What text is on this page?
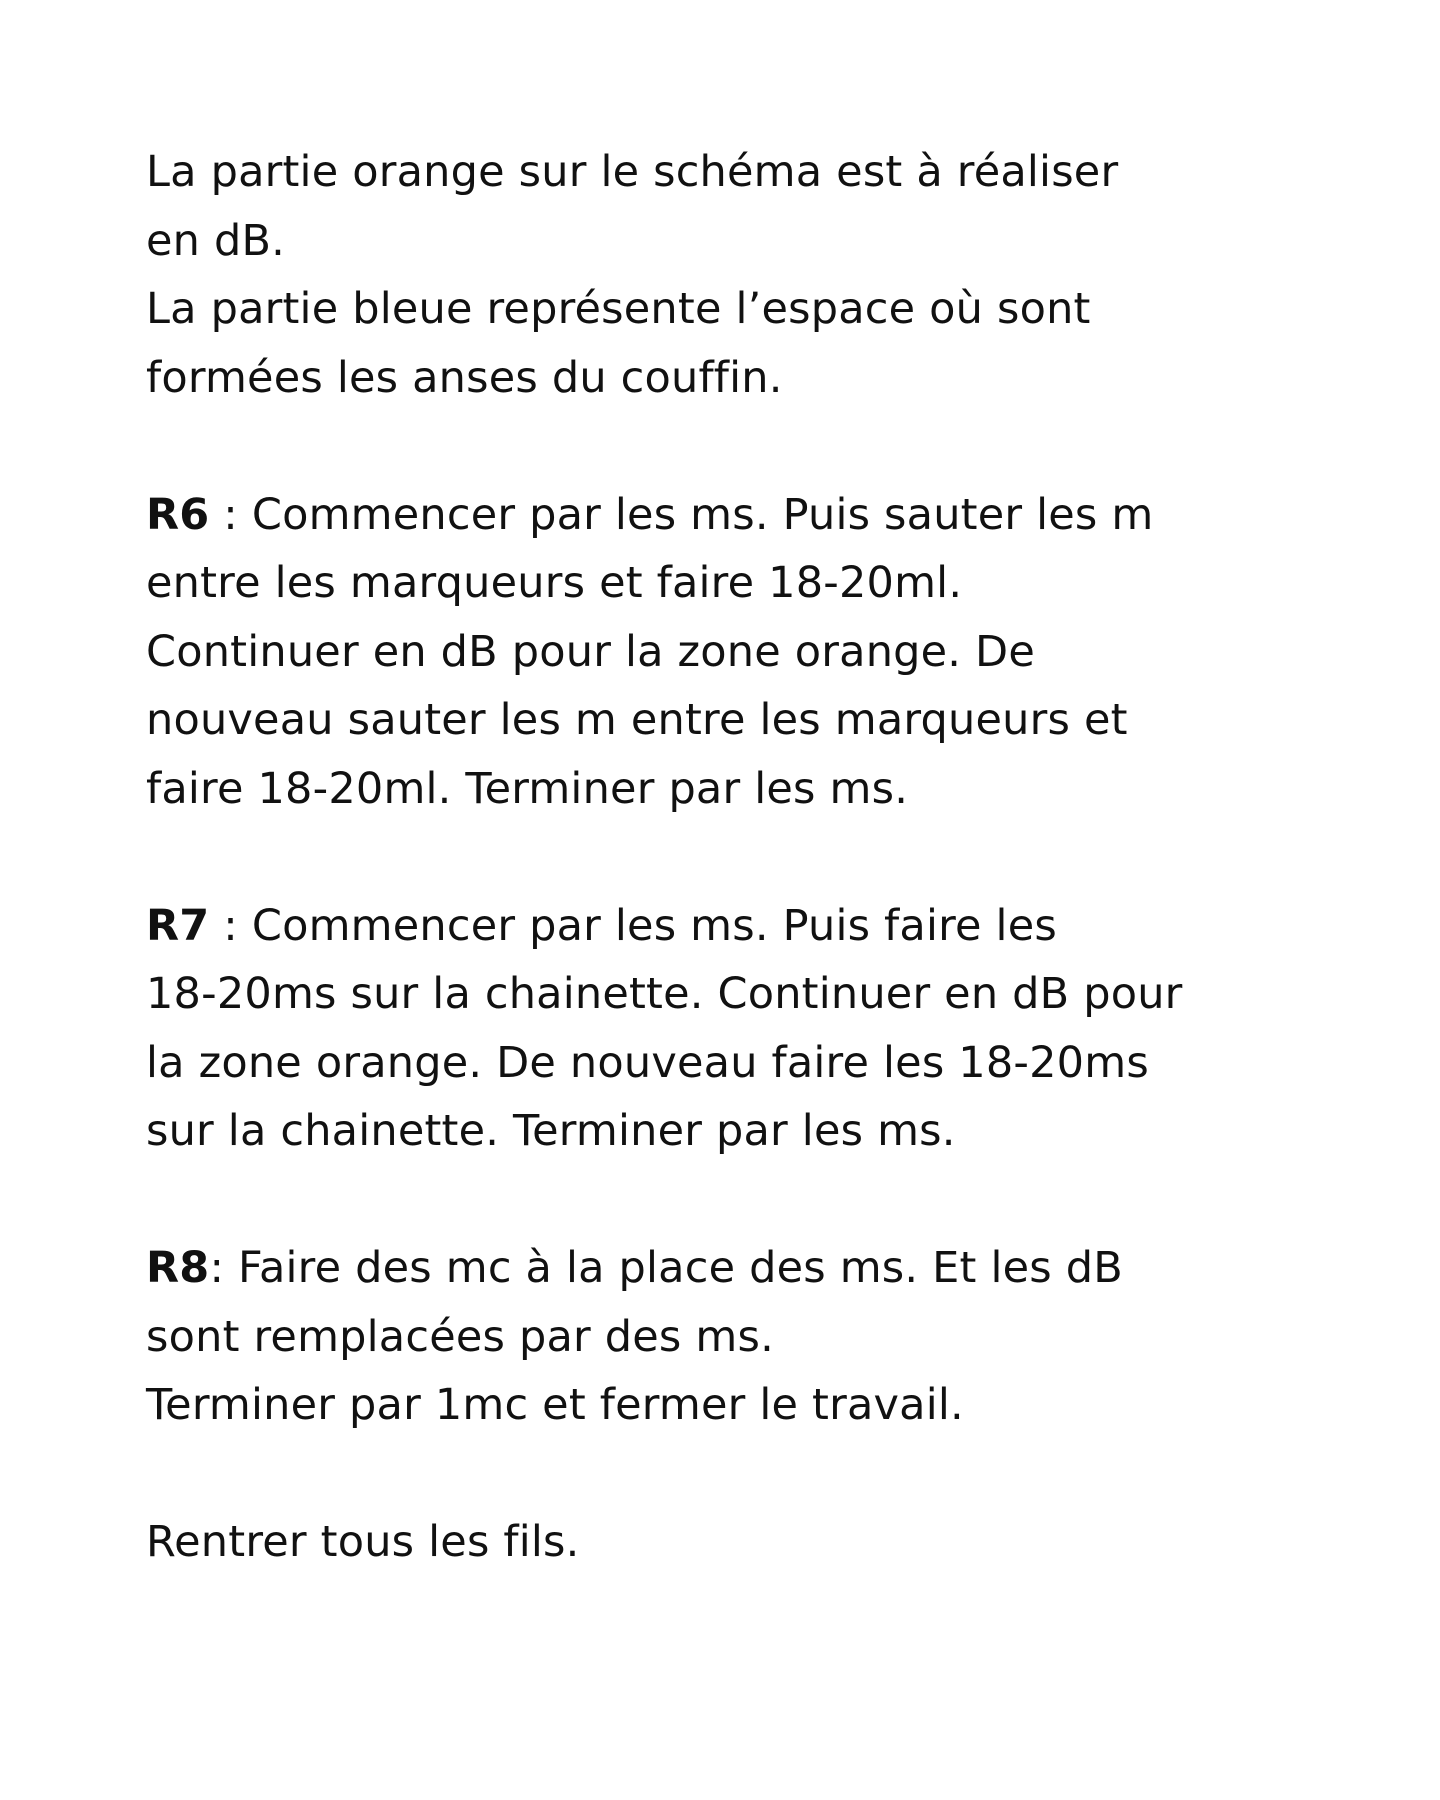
La partie orange sur le schéma est à réaliser
en dB.
La partie bleue représente l’espace où sont
formées les anses du couffin.

R6 : Commencer par les ms. Puis sauter les m
entre les marqueurs et faire 18-20ml.
Continuer en dB pour la zone orange. De
nouveau sauter les m entre les marqueurs et
faire 18-20ml. Terminer par les ms.

R7 : Commencer par les ms. Puis faire les
18-20ms sur la chainette. Continuer en dB pour
la zone orange. De nouveau faire les 18-20ms
sur la chainette. Terminer par les ms.

R8: Faire des mc à la place des ms. Et les dB
sont remplacées par des ms.
Terminer par 1mc et fermer le travail.

Rentrer tous les fils.
